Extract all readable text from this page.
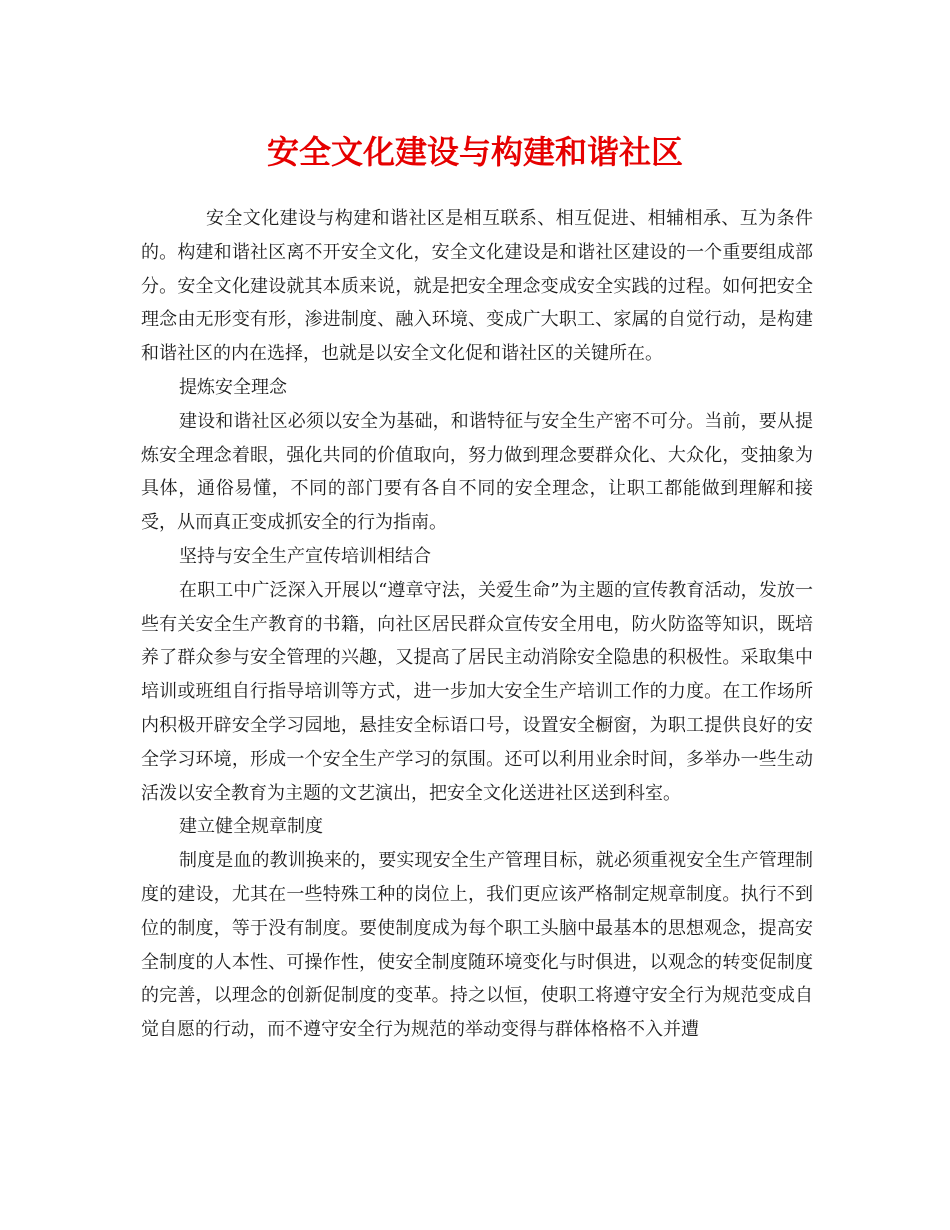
安全文化建设与构建和谐社区

安全文化建设与构建和谐社区是相互联系、相互促进、相辅相承、互为条件的。构建和谐社区离不开安全文化，安全文化建设是和谐社区建设的一个重要组成部分。安全文化建设就其本质来说，就是把安全理念变成安全实践的过程。如何把安全理念由无形变有形，渗进制度、融入环境、变成广大职工、家属的自觉行动，是构建和谐社区的内在选择，也就是以安全文化促和谐社区的关键所在。

提炼安全理念

建设和谐社区必须以安全为基础，和谐特征与安全生产密不可分。当前，要从提炼安全理念着眼，强化共同的价值取向，努力做到理念要群众化、大众化，变抽象为具体，通俗易懂，不同的部门要有各自不同的安全理念，让职工都能做到理解和接受，从而真正变成抓安全的行为指南。

坚持与安全生产宣传培训相结合

在职工中广泛深入开展以“遵章守法，关爱生命”为主题的宣传教育活动，发放一些有关安全生产教育的书籍，向社区居民群众宣传安全用电，防火防盗等知识，既培养了群众参与安全管理的兴趣，又提高了居民主动消除安全隐患的积极性。采取集中培训或班组自行指导培训等方式，进一步加大安全生产培训工作的力度。在工作场所内积极开辟安全学习园地，悬挂安全标语口号，设置安全橱窗，为职工提供良好的安全学习环境，形成一个安全生产学习的氛围。还可以利用业余时间，多举办一些生动活泼以安全教育为主题的文艺演出，把安全文化送进社区送到科室。

建立健全规章制度

制度是血的教训换来的，要实现安全生产管理目标，就必须重视安全生产管理制度的建设，尤其在一些特殊工种的岗位上，我们更应该严格制定规章制度。执行不到位的制度，等于没有制度。要使制度成为每个职工头脑中最基本的思想观念，提高安全制度的人本性、可操作性，使安全制度随环境变化与时俱进，以观念的转变促制度的完善，以理念的创新促制度的变革。持之以恒，使职工将遵守安全行为规范变成自觉自愿的行动，而不遵守安全行为规范的举动变得与群体格格不入并遭
